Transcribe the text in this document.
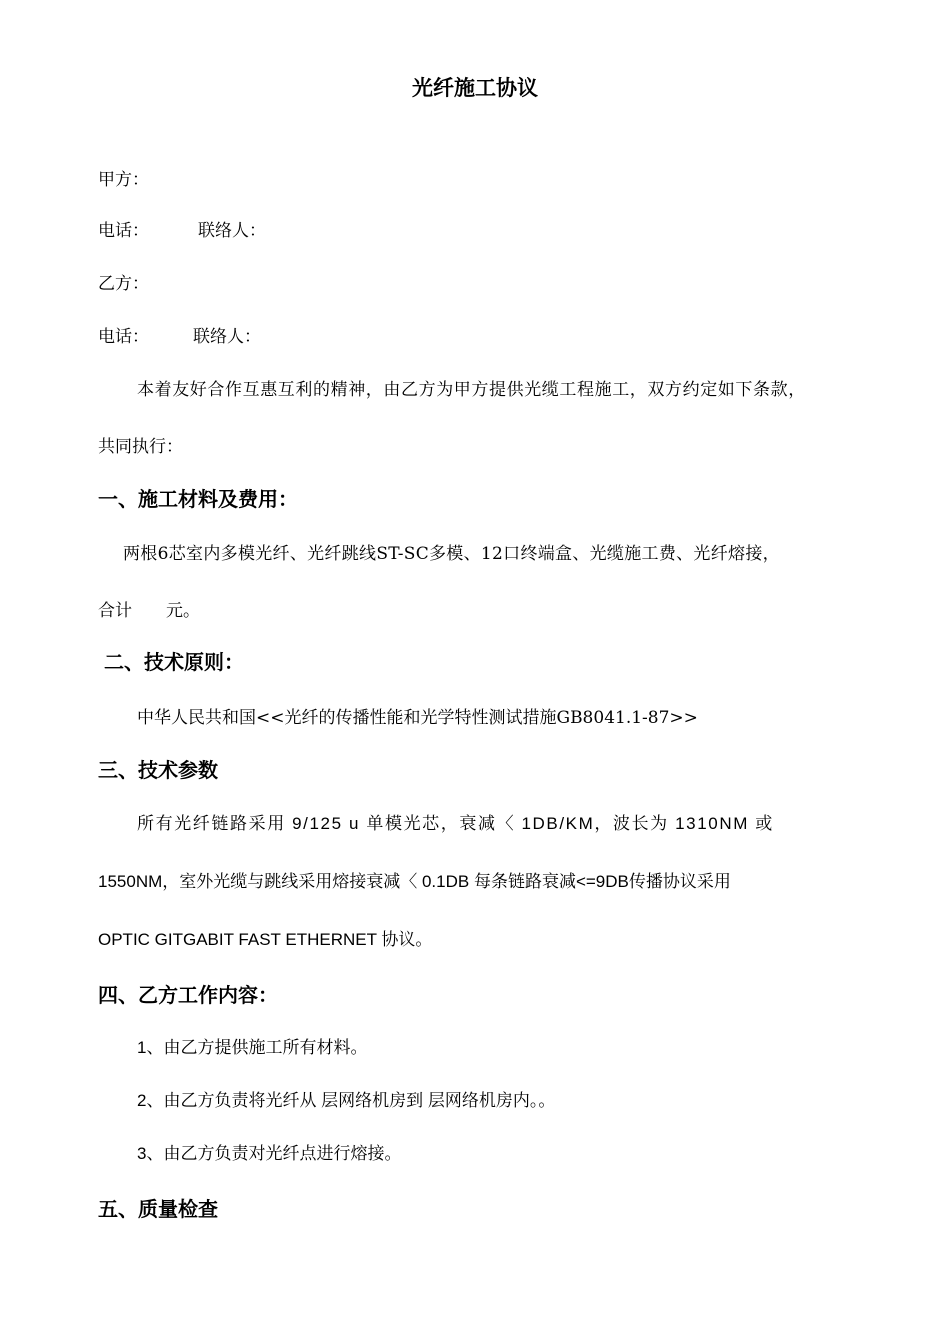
光纤施工协议
甲方：
电话：	联络人：
乙方：
电话：	联络人：
本着友好合作互惠互利的精神，由乙方为甲方提供光缆工程施工，双方约定如下条款，
共同执行：
一、施工材料及费用：
两根6芯室内多模光纤、光纤跳线ST-SC多模、12口终端盒、光缆施工费、光纤熔接，
合计 元。
二、技术原则：
中华人民共和国<<光纤的传播性能和光学特性测试措施GB8041.1-87>>
三、技术参数
所有光纤链路采用 9/125 u 单模光芯，衰减〈 1DB/KM，波长为 1310NM 或
1550NM，室外光缆与跳线采用熔接衰减〈 0.1DB 每条链路衰减<=9DB传播协议采用
OPTIC GITGABIT FAST ETHERNET 协议。
四、乙方工作内容：
1、由乙方提供施工所有材料。
2、由乙方负责将光纤从 层网络机房到 层网络机房内。。
3、由乙方负责对光纤点进行熔接。
五、质量检查
